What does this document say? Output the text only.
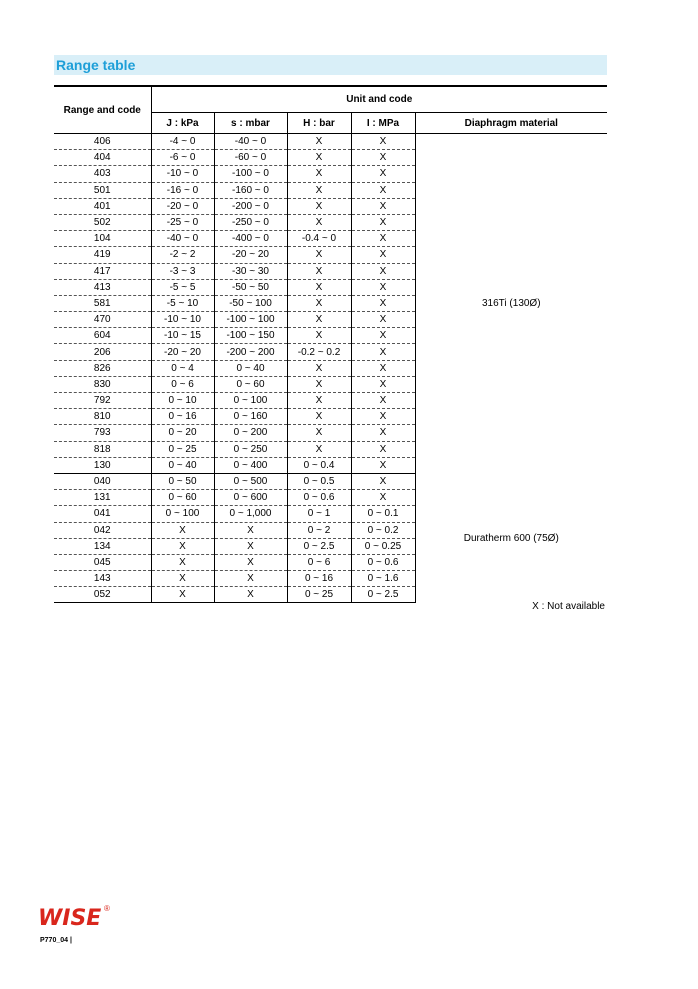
Range table
Range and code	Unit and code				
	J : kPa	s : mbar	H : bar	I : MPa	Diaphragm material
406	-4 ~ 0	-40 ~ 0	X	X	316Ti (130Ø)
404	-6 ~ 0	-60 ~ 0	X	X	
403	-10 ~ 0	-100 ~ 0	X	X	
501	-16 ~ 0	-160 ~ 0	X	X	
401	-20 ~ 0	-200 ~ 0	X	X	
502	-25 ~ 0	-250 ~ 0	X	X	
104	-40 ~ 0	-400 ~ 0	-0.4 ~ 0	X	
419	-2 ~ 2	-20 ~ 20	X	X	
417	-3 ~ 3	-30 ~ 30	X	X	
413	-5 ~ 5	-50 ~ 50	X	X	
581	-5 ~ 10	-50 ~ 100	X	X	
470	-10 ~ 10	-100 ~ 100	X	X	
604	-10 ~ 15	-100 ~ 150	X	X	
206	-20 ~ 20	-200 ~ 200	-0.2 ~ 0.2	X	
826	0 ~ 4	0 ~ 40	X	X	
830	0 ~ 6	0 ~ 60	X	X	
792	0 ~ 10	0 ~ 100	X	X	
810	0 ~ 16	0 ~ 160	X	X	
793	0 ~ 20	0 ~ 200	X	X	
818	0 ~ 25	0 ~ 250	X	X	
130	0 ~ 40	0 ~ 400	0 ~ 0.4	X	
040	0 ~ 50	0 ~ 500	0 ~ 0.5	X	Duratherm 600 (75Ø)
131	0 ~ 60	0 ~ 600	0 ~ 0.6	X	
041	0 ~ 100	0 ~ 1,000	0 ~ 1	0 ~ 0.1	
042	X	X	0 ~ 2	0 ~ 0.2	
134	X	X	0 ~ 2.5	0 ~ 0.25	
045	X	X	0 ~ 6	0 ~ 0.6	
143	X	X	0 ~ 16	0 ~ 1.6	
052	X	X	0 ~ 25	0 ~ 2.5	
X : Not available
WISE ®
P770_04 |
